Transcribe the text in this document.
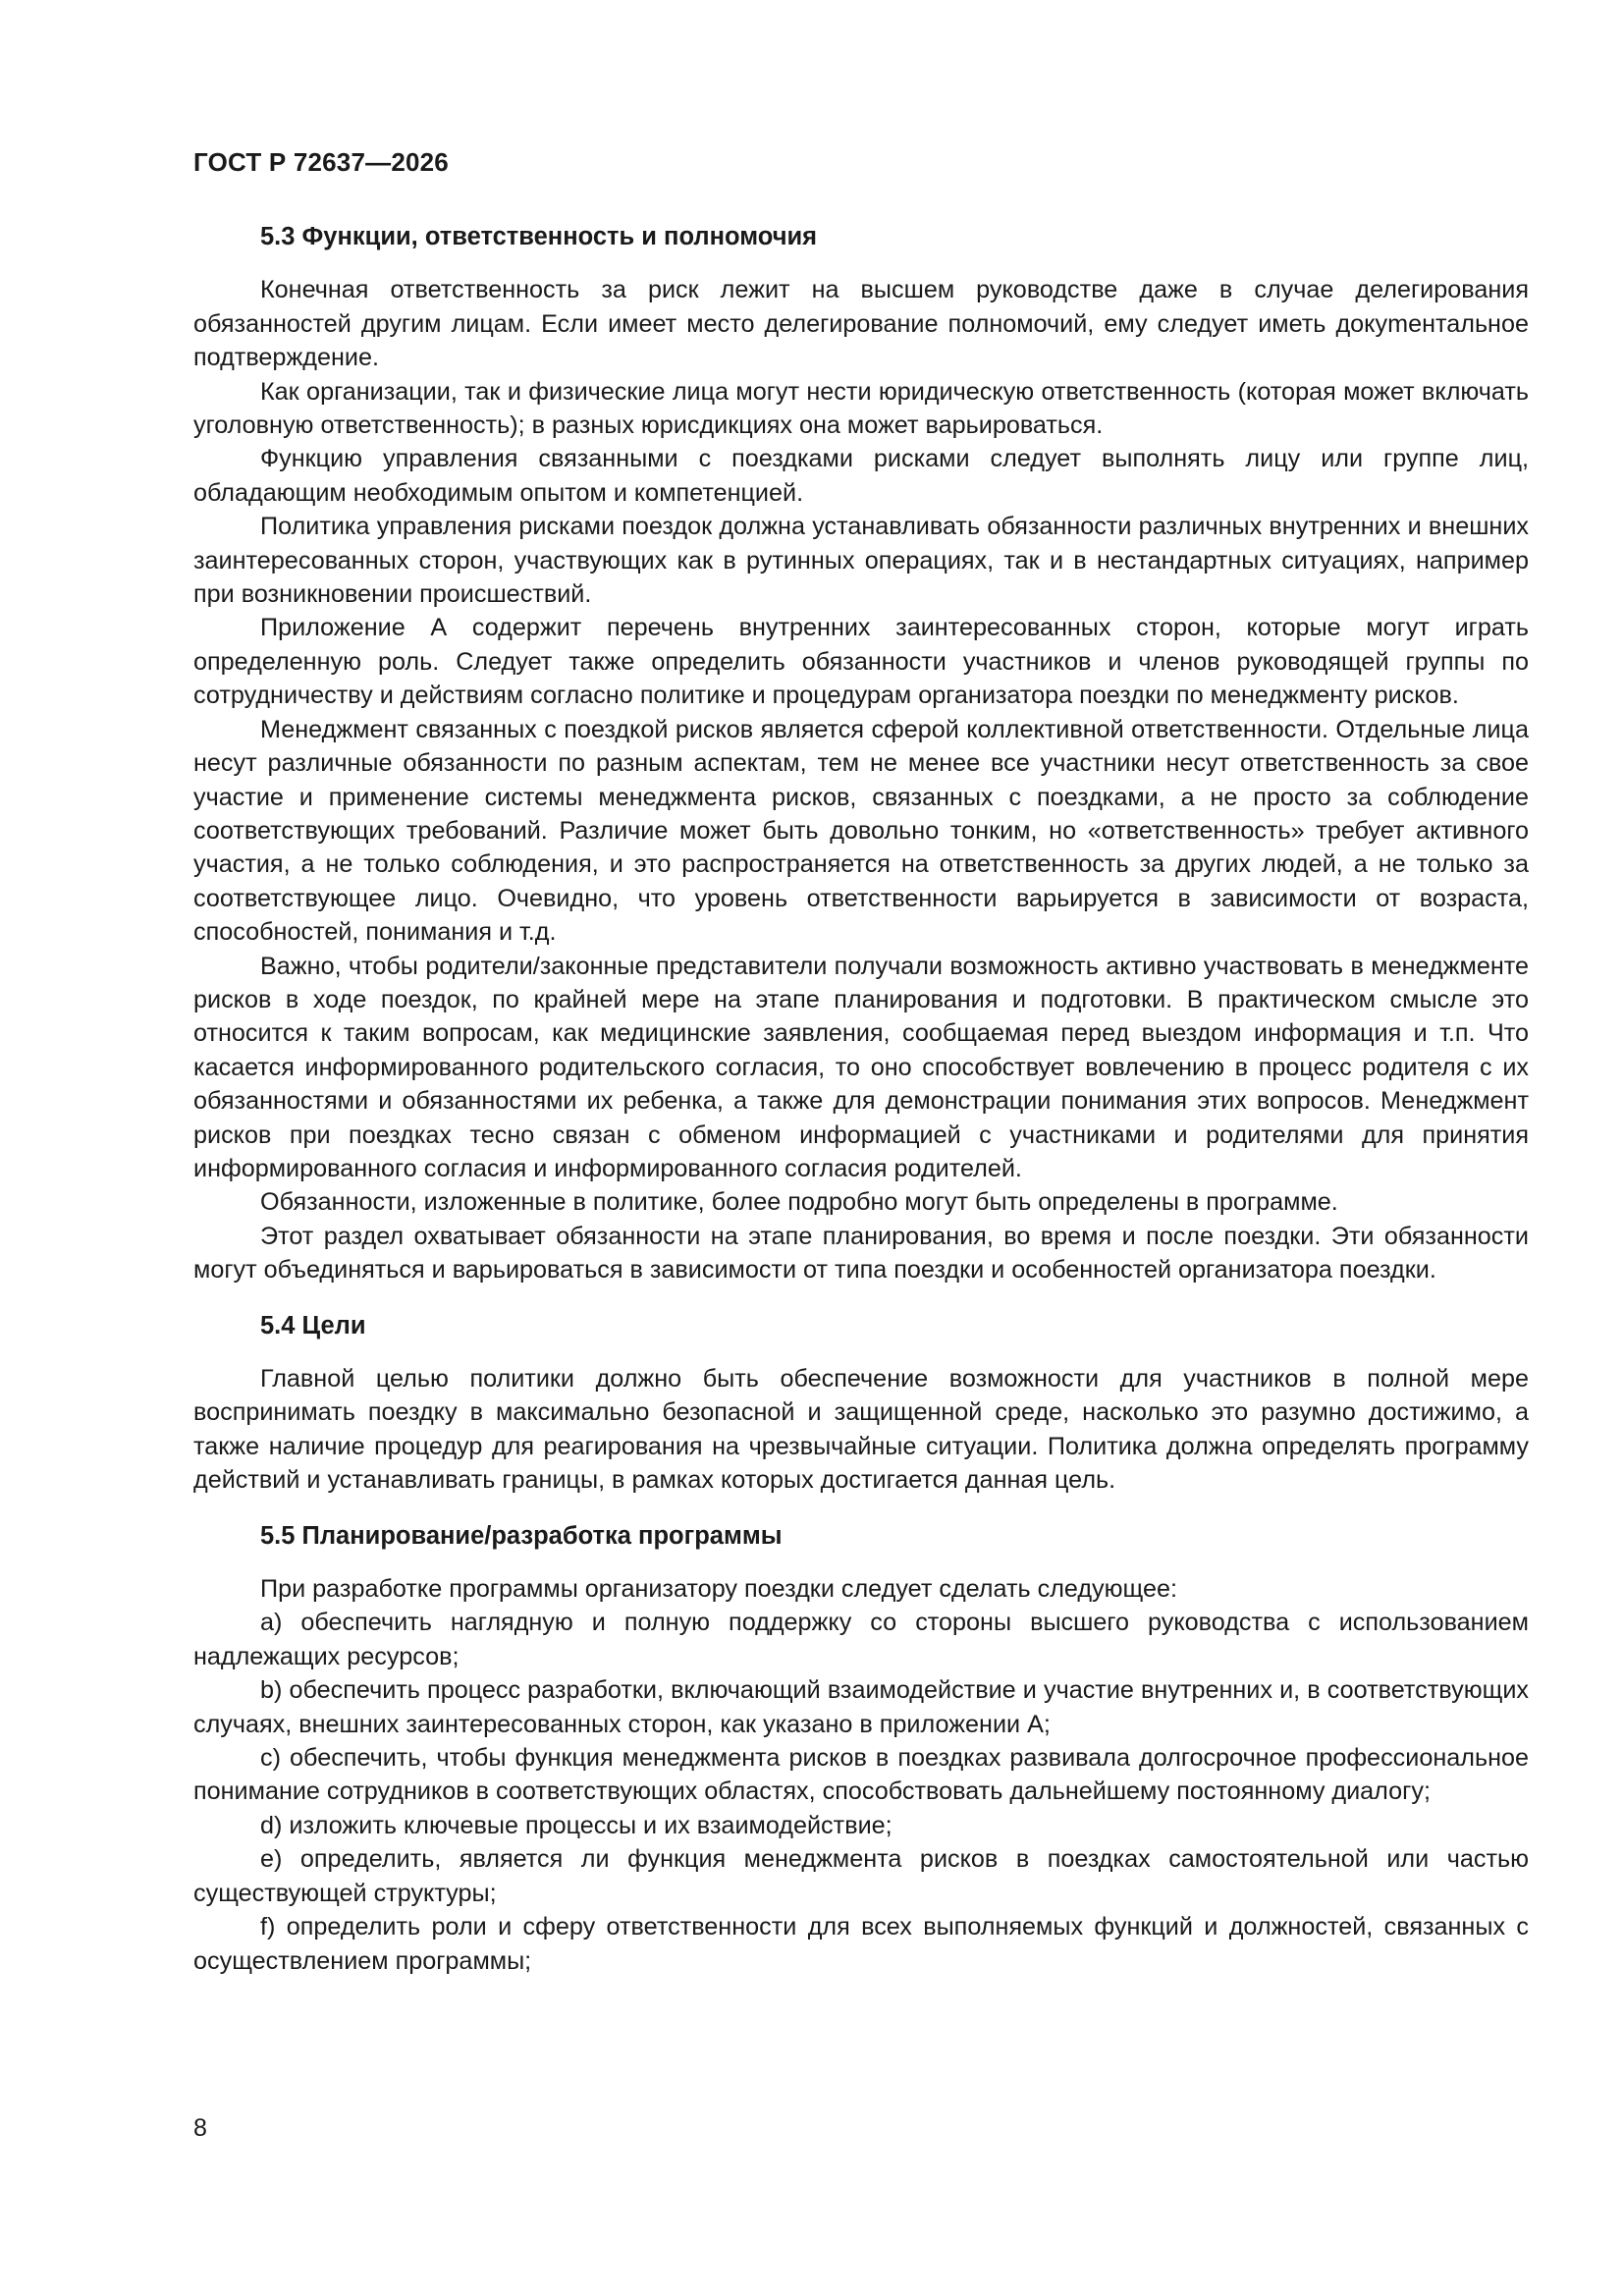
ГОСТ Р 72637—2026
5.3 Функции, ответственность и полномочия

Конечная ответственность за риск лежит на высшем руководстве даже в случае делегирования обязанностей другим лицам. Если имеет место делегирование полномочий, ему следует иметь докуmентальное подтверждение.

Как организации, так и физические лица могут нести юридическую ответственность (которая может включать уголовную ответственность); в разных юрисдикциях она может варьироваться.

Функцию управления связанными с поездками рисками следует выполнять лицу или группе лиц, обладающим необходимым опытом и компетенцией.

Политика управления рисками поездок должна устанавливать обязанности различных внутренних и внешних заинтересованных сторон, участвующих как в рутинных операциях, так и в нестандартных ситуациях, например при возникновении происшествий.

Приложение А содержит перечень внутренних заинтересованных сторон, которые могут играть определенную роль. Следует также определить обязанности участников и членов руководящей группы по сотрудничеству и действиям согласно политике и процедурам организатора поездки по менеджменту рисков.

Менеджмент связанных с поездкой рисков является сферой коллективной ответственности. Отдельные лица несут различные обязанности по разным аспектам, тем не менее все участники несут ответственность за свое участие и применение системы менеджмента рисков, связанных с поездками, а не просто за соблюдение соответствующих требований. Различие может быть довольно тонким, но «ответственность» требует активного участия, а не только соблюдения, и это распространяется на ответственность за других людей, а не только за соответствующее лицо. Очевидно, что уровень ответственности варьируется в зависимости от возраста, способностей, понимания и т.д.

Важно, чтобы родители/законные представители получали возможность активно участвовать в менеджменте рисков в ходе поездок, по крайней мере на этапе планирования и подготовки. В практическом смысле это относится к таким вопросам, как медицинские заявления, сообщаемая перед выездом информация и т.п. Что касается информированного родительского согласия, то оно способствует вовлечению в процесс родителя с их обязанностями и обязанностями их ребенка, а также для демонстрации понимания этих вопросов. Менеджмент рисков при поездках тесно связан с обменом информацией с участниками и родителями для принятия информированного согласия и информированного согласия родителей.

Обязанности, изложенные в политике, более подробно могут быть определены в программе.

Этот раздел охватывает обязанности на этапе планирования, во время и после поездки. Эти обязанности могут объединяться и варьироваться в зависимости от типа поездки и особенностей организатора поездки.

5.4 Цели

Главной целью политики должно быть обеспечение возможности для участников в полной мере воспринимать поездку в максимально безопасной и защищенной среде, насколько это разумно достижимо, а также наличие процедур для реагирования на чрезвычайные ситуации. Политика должна определять программу действий и устанавливать границы, в рамках которых достигается данная цель.

5.5 Планирование/разработка программы

При разработке программы организатору поездки следует сделать следующее:

a) обеспечить наглядную и полную поддержку со стороны высшего руководства с использованием надлежащих ресурсов;

b) обеспечить процесс разработки, включающий взаимодействие и участие внутренних и, в соответствующих случаях, внешних заинтересованных сторон, как указано в приложении А;

c) обеспечить, чтобы функция менеджмента рисков в поездках развивала долгосрочное профессиональное понимание сотрудников в соответствующих областях, способствовать дальнейшему постоянному диалогу;

d) изложить ключевые процессы и их взаимодействие;

e) определить, является ли функция менеджмента рисков в поездках самостоятельной или частью существующей структуры;

f) определить роли и сферу ответственности для всех выполняемых функций и должностей, связанных с осуществлением программы;

8
